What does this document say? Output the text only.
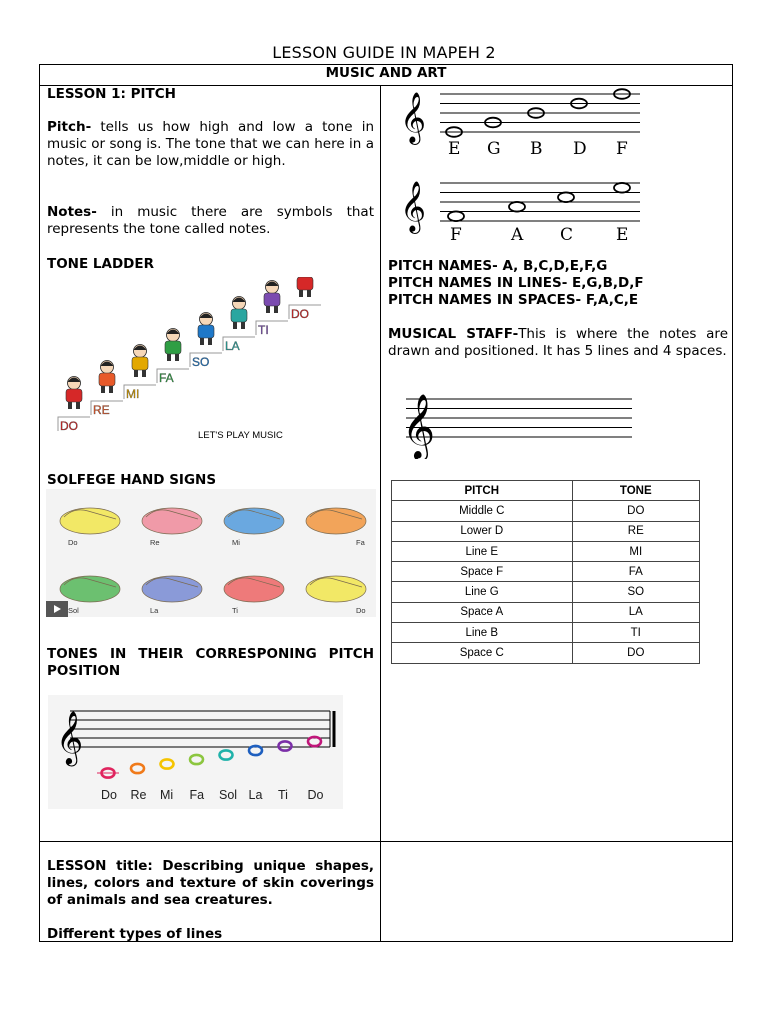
LESSON GUIDE IN MAPEH 2
MUSIC AND ART
LESSON 1: PITCH
Pitch- tells us how high and low a tone in music or song is. The tone that we can here in a notes, it can be low,middle or high.
Notes- in music there are symbols that represents the tone called notes.
TONE LADDER
DO
RE
MI
FA
SO
LA
TI
DO
LET'S PLAY MUSIC
SOLFEGE HAND SIGNS
Do	Re	Mi	Fa
Sol	La	Ti	Do
TONES IN THEIR CORRESPONING PITCH POSITION
𝄞
Do Re Mi Fa Sol La Ti Do
LESSON title: Describing unique shapes, lines, colors and texture of skin coverings of animals and sea creatures.
Different types of lines
𝄞
E G B D F
𝄞
F	A C	E
PITCH NAMES- A, B,C,D,E,F,G
PITCH NAMES IN LINES- E,G,B,D,F
PITCH NAMES IN SPACES- F,A,C,E
MUSICAL STAFF-This is where the notes are drawn and positioned. It has 5 lines and 4 spaces.
𝄞
PITCH	TONE
Middle C	DO
Lower D	RE
Line E	MI
Space F	FA
Line G	SO
Space A	LA
Line B	TI
Space C	DO
